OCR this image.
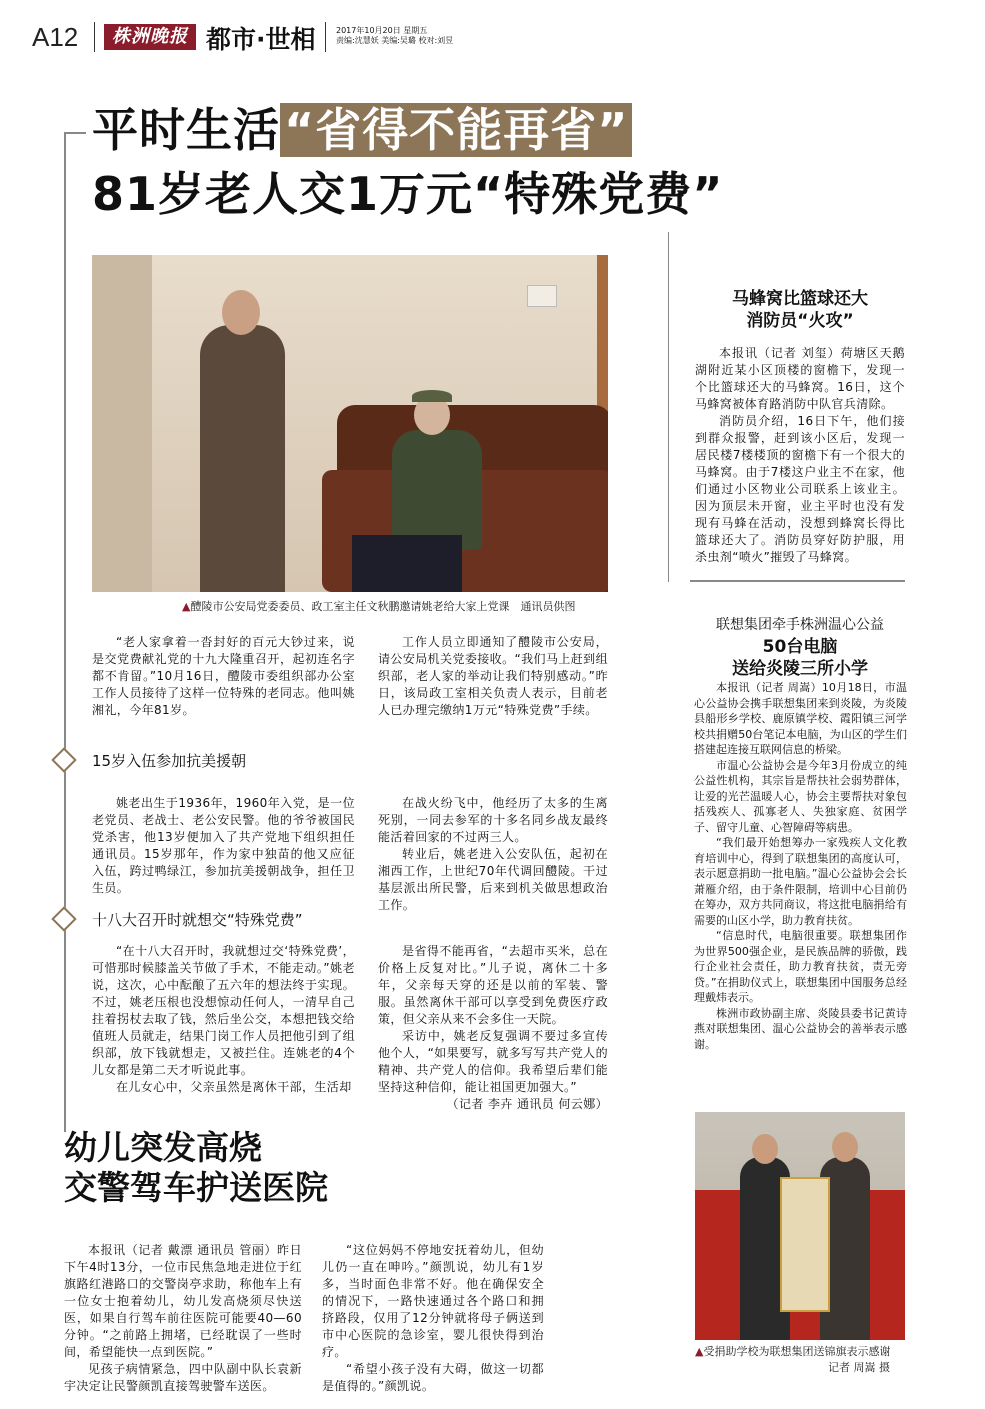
A12	株洲晚报 都市·世相	2017年10月20日 星期五
责编:沈慧妖 美编:吴璐 校对:刘昱
平时生活“省得不能再省”
81岁老人交1万元“特殊党费”
▲醴陵市公安局党委委员、政工室主任文秋鹏邀请姚老给大家上党课　通讯员供图

“老人家拿着一沓封好的百元大钞过来，说是交党费献礼党的十九大隆重召开，起初连名字都不肯留。”10月16日，醴陵市委组织部办公室工作人员接待了这样一位特殊的老同志。他叫姚湘礼，今年81岁。

工作人员立即通知了醴陵市公安局，请公安局机关党委接收。“我们马上赶到组织部，老人家的举动让我们特别感动。”昨日，该局政工室相关负责人表示，目前老人已办理完缴纳1万元“特殊党费”手续。

15岁入伍参加抗美援朝

姚老出生于1936年，1960年入党，是一位老党员、老战士、老公安民警。他的爷爷被国民党杀害，他13岁便加入了共产党地下组织担任通讯员。15岁那年，作为家中独苗的他又应征入伍，跨过鸭绿江，参加抗美援朝战争，担任卫生员。

在战火纷飞中，他经历了太多的生离死别，一同去参军的十多名同乡战友最终能活着回家的不过两三人。

转业后，姚老进入公安队伍，起初在湘西工作，上世纪70年代调回醴陵。干过基层派出所民警，后来到机关做思想政治工作。

十八大召开时就想交“特殊党费”

“在十八大召开时，我就想过交‘特殊党费’，可惜那时候膝盖关节做了手术，不能走动。”姚老说，这次，心中酝酿了五六年的想法终于实现。不过，姚老压根也没想惊动任何人，一清早自己拄着拐杖去取了钱，然后坐公交，本想把钱交给值班人员就走，结果门岗工作人员把他引到了组织部，放下钱就想走，又被拦住。连姚老的4个儿女都是第二天才听说此事。

在儿女心中，父亲虽然是离休干部，生活却

是省得不能再省，“去超市买米，总在价格上反复对比。”儿子说，离休二十多年，父亲每天穿的还是以前的军装、警服。虽然离休干部可以享受到免费医疗政策，但父亲从来不会多住一天院。

采访中，姚老反复强调不要过多宣传他个人，“如果要写，就多写写共产党人的精神、共产党人的信仰。我希望后辈们能坚持这种信仰，能让祖国更加强大。”

（记者 李卉 通讯员 何云娜）
马蜂窝比篮球还大
消防员“火攻”

本报讯（记者 刘玺）荷塘区天鹅湖附近某小区顶楼的窗檐下，发现一个比篮球还大的马蜂窝。16日，这个马蜂窝被体育路消防中队官兵清除。

消防员介绍，16日下午，他们接到群众报警，赶到该小区后，发现一居民楼7楼楼顶的窗檐下有一个很大的马蜂窝。由于7楼这户业主不在家，他们通过小区物业公司联系上该业主。因为顶层未开窗，业主平时也没有发现有马蜂在活动，没想到蜂窝长得比篮球还大了。消防员穿好防护服，用杀虫剂“喷火”摧毁了马蜂窝。

联想集团牵手株洲温心公益
50台电脑
送给炎陵三所小学

本报讯（记者 周嵩）10月18日，市温心公益协会携手联想集团来到炎陵，为炎陵县船形乡学校、鹿原镇学校、霞阳镇三河学校共捐赠50台笔记本电脑，为山区的学生们搭建起连接互联网信息的桥梁。

市温心公益协会是今年3月份成立的纯公益性机构，其宗旨是帮扶社会弱势群体，让爱的光芒温暖人心，协会主要帮扶对象包括残疾人、孤寡老人、失独家庭、贫困学子、留守儿童、心智障碍等病患。

“我们最开始想筹办一家残疾人文化教育培训中心，得到了联想集团的高度认可，表示愿意捐助一批电脑。”温心公益协会会长萧雁介绍，由于条件限制，培训中心目前仍在筹办，双方共同商议，将这批电脑捐给有需要的山区小学，助力教育扶贫。

“信息时代，电脑很重要。联想集团作为世界500强企业，是民族品牌的骄傲，践行企业社会责任，助力教育扶贫，责无旁贷。”在捐助仪式上，联想集团中国服务总经理戴炜表示。

株洲市政协副主席、炎陵县委书记黄诗燕对联想集团、温心公益协会的善举表示感谢。

▲受捐助学校为联想集团送锦旗表示感谢
记者 周嵩 摄
幼儿突发高烧
交警驾车护送医院

本报讯（记者 戴漂 通讯员 管丽）昨日下午4时13分，一位市民焦急地走进位于红旗路红港路口的交警岗亭求助，称他车上有一位女士抱着幼儿，幼儿发高烧须尽快送医，如果自行驾车前往医院可能要40—60分钟。“之前路上拥堵，已经耽误了一些时间，希望能快一点到医院。”

见孩子病情紧急，四中队副中队长袁新宇决定让民警颜凯直接驾驶警车送医。

“这位妈妈不停地安抚着幼儿，但幼儿仍一直在呻吟。”颜凯说，幼儿有1岁多，当时面色非常不好。他在确保安全的情况下，一路快速通过各个路口和拥挤路段，仅用了12分钟就将母子俩送到市中心医院的急诊室，婴儿很快得到治疗。

“希望小孩子没有大碍，做这一切都是值得的。”颜凯说。
